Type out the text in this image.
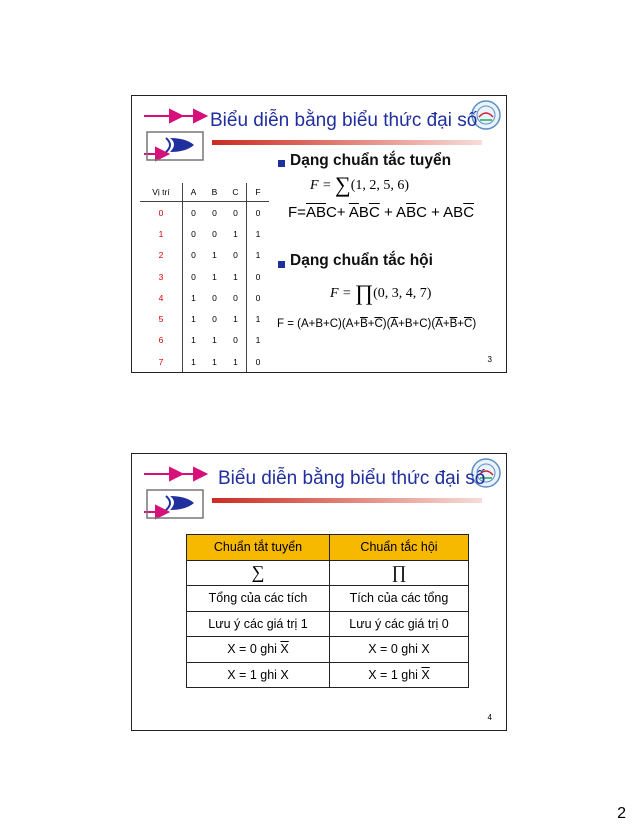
Biểu diễn bằng biểu thức đại số
Vị trí	A	B	C	F
0	0	0	0	0
1	0	0	1	1
2	0	1	0	1
3	0	1	1	0
4	1	0	0	0
5	1	0	1	1
6	1	1	0	1
7	1	1	1	0
Dạng chuẩn tắc tuyển
F = ∑(1, 2, 5, 6)
$F=\overline{A}\overline{B}C+ \overline{A}B\overline{C} + A\overline{B}C + AB\overline{C}$
Dạng chuẩn tắc hội
F = ∏(0, 3, 4, 7)
$F = (A+B+C)(A+\overline{B}+\overline{C})(\overline{A}+B+C)(\overline{A}+\overline{B}+\overline{C})$
3
Biểu diễn bằng biểu thức đại số
Chuẩn tắt tuyển	Chuẩn tắc hội
∑	∏
Tổng của các tích	Tích của các tổng
Lưu ý các giá trị 1	Lưu ý các giá trị 0
X = 0 ghi $\overline{X}$	X = 0 ghi X
X = 1 ghi X	X = 1 ghi $\overline{X}$
4
2
